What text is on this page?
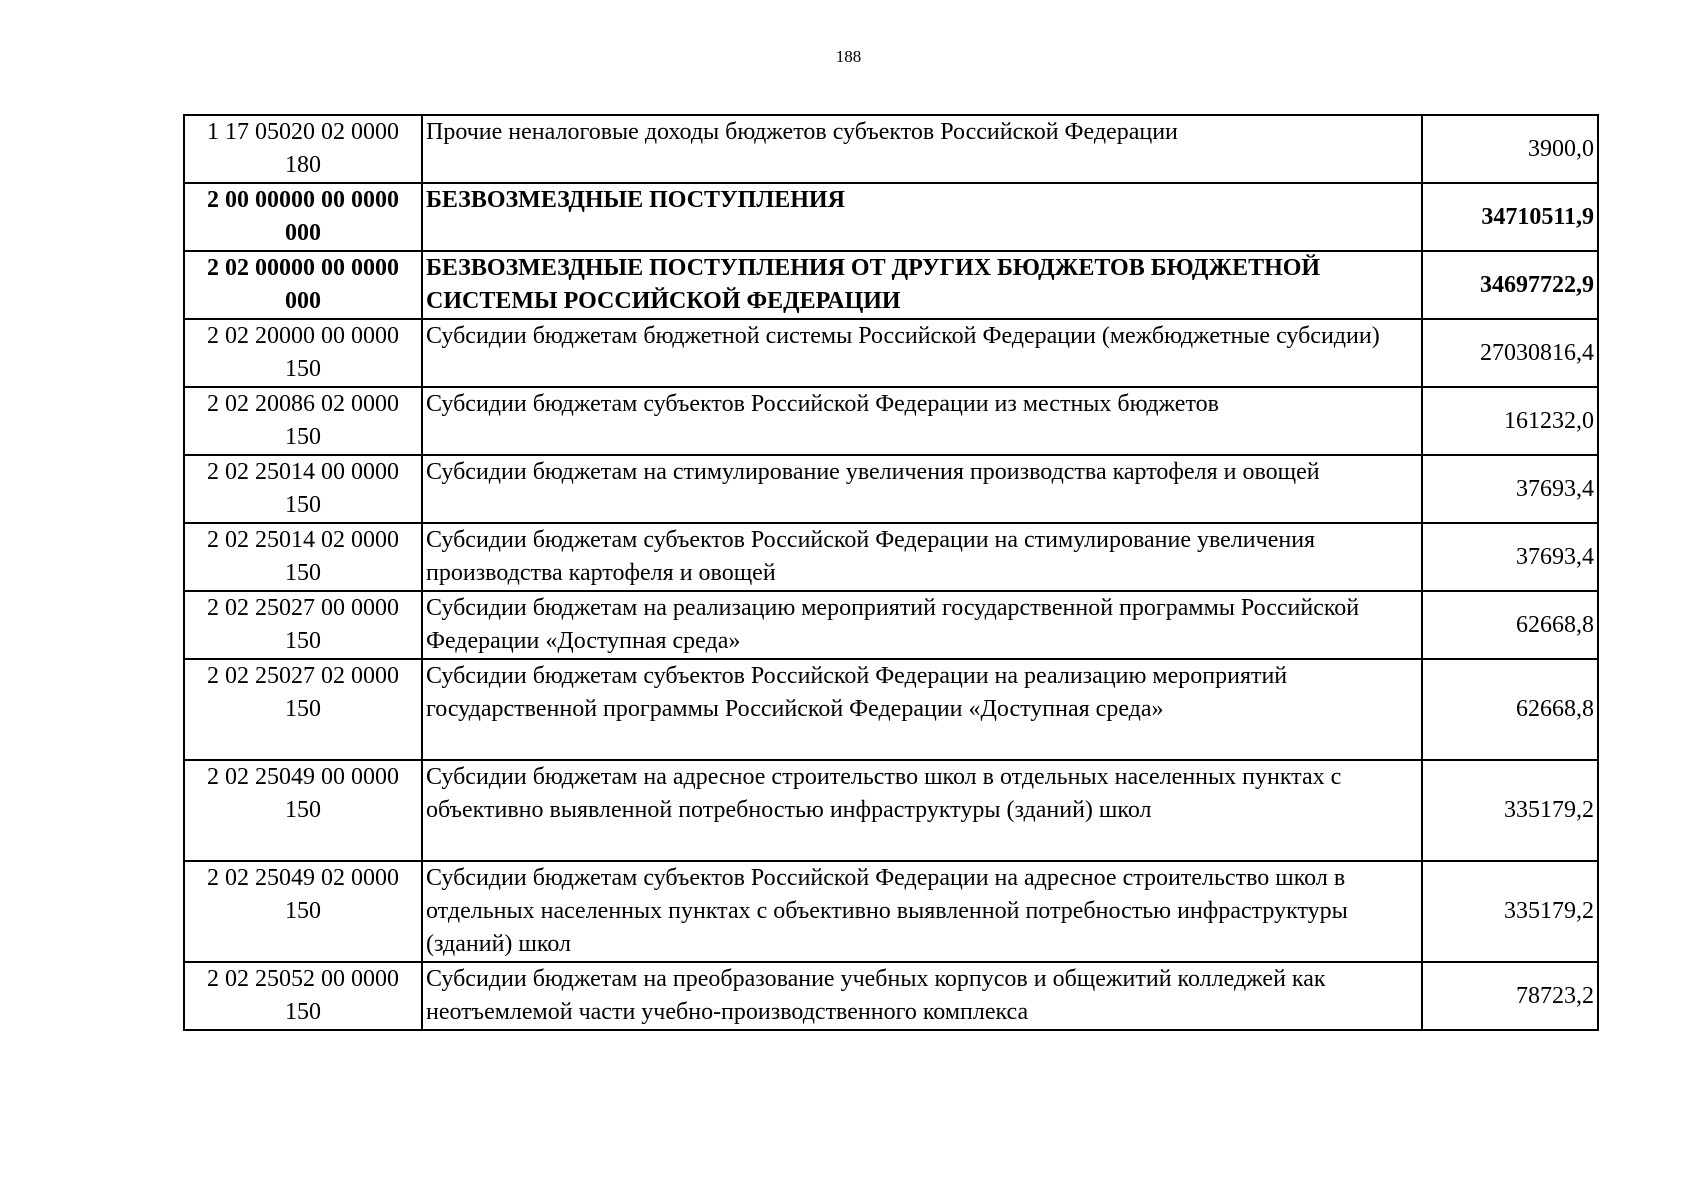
188
1 17 05020 02 0000 180	Прочие неналоговые доходы бюджетов субъектов Российской Федерации	3900,0
2 00 00000 00 0000 000	БЕЗВОЗМЕЗДНЫЕ ПОСТУПЛЕНИЯ	34710511,9
2 02 00000 00 0000 000	БЕЗВОЗМЕЗДНЫЕ ПОСТУПЛЕНИЯ ОТ ДРУГИХ БЮДЖЕТОВ БЮДЖЕТНОЙ СИСТЕМЫ РОССИЙСКОЙ ФЕДЕРАЦИИ	34697722,9
2 02 20000 00 0000 150	Субсидии бюджетам бюджетной системы Российской Федерации (межбюджетные субсидии)	27030816,4
2 02 20086 02 0000 150	Субсидии бюджетам субъектов Российской Федерации из местных бюджетов	161232,0
2 02 25014 00 0000 150	Субсидии бюджетам на стимулирование увеличения производства картофеля и овощей	37693,4
2 02 25014 02 0000 150	Субсидии бюджетам субъектов Российской Федерации на стимулирование увеличения производства картофеля и овощей	37693,4
2 02 25027 00 0000 150	Субсидии бюджетам на реализацию мероприятий государственной программы Российской Федерации «Доступная среда»	62668,8
2 02 25027 02 0000 150	Субсидии бюджетам субъектов Российской Федерации на реализацию мероприятий государственной программы Российской Федерации «Доступная среда»	62668,8
2 02 25049 00 0000 150	Субсидии бюджетам на адресное строительство школ в отдельных населенных пунктах с объективно выявленной потребностью инфраструктуры (зданий) школ	335179,2
2 02 25049 02 0000 150	Субсидии бюджетам субъектов Российской Федерации на адресное строительство школ в отдельных населенных пунктах с объективно выявленной потребностью инфраструктуры (зданий) школ	335179,2
2 02 25052 00 0000 150	Субсидии бюджетам на преобразование учебных корпусов и общежитий колледжей как неотъемлемой части учебно-производственного комплекса	78723,2
